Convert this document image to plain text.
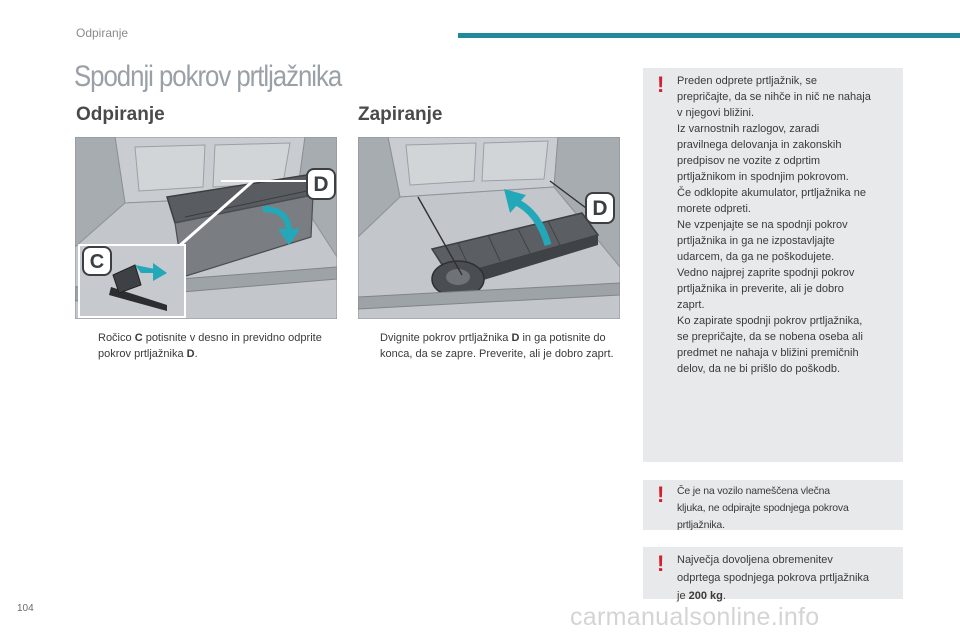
Odpiranje
Spodnji pokrov prtljažnika
Odpiranje	Zapiranje
C
D
D
Ročico C potisnite v desno in previdno odprite pokrov prtljažnika D.
Dvignite pokrov prtljažnika D in ga potisnite do konca, da se zapre. Preverite, ali je dobro zaprt.
! Preden odprete prtljažnik, se
prepričajte, da se nihče in nič ne nahaja
v njegovi bližini.
Iz varnostnih razlogov, zaradi
pravilnega delovanja in zakonskih
predpisov ne vozite z odprtim
prtljažnikom in spodnjim pokrovom.
Če odklopite akumulator, prtljažnika ne
morete odpreti.
Ne vzpenjajte se na spodnji pokrov
prtljažnika in ga ne izpostavljajte
udarcem, da ga ne poškodujete.
Vedno najprej zaprite spodnji pokrov
prtljažnika in preverite, ali je dobro
zaprt.
Ko zapirate spodnji pokrov prtljažnika,
se prepričajte, da se nobena oseba ali
predmet ne nahaja v bližini premičnih
delov, da ne bi prišlo do poškodb.
! Če je na vozilo nameščena vlečna
kljuka, ne odpirajte spodnjega pokrova
prtljažnika.
! Največja dovoljena obremenitev
odprtega spodnjega pokrova prtljažnika
je 200 kg.
104	carmanualsonline.info
